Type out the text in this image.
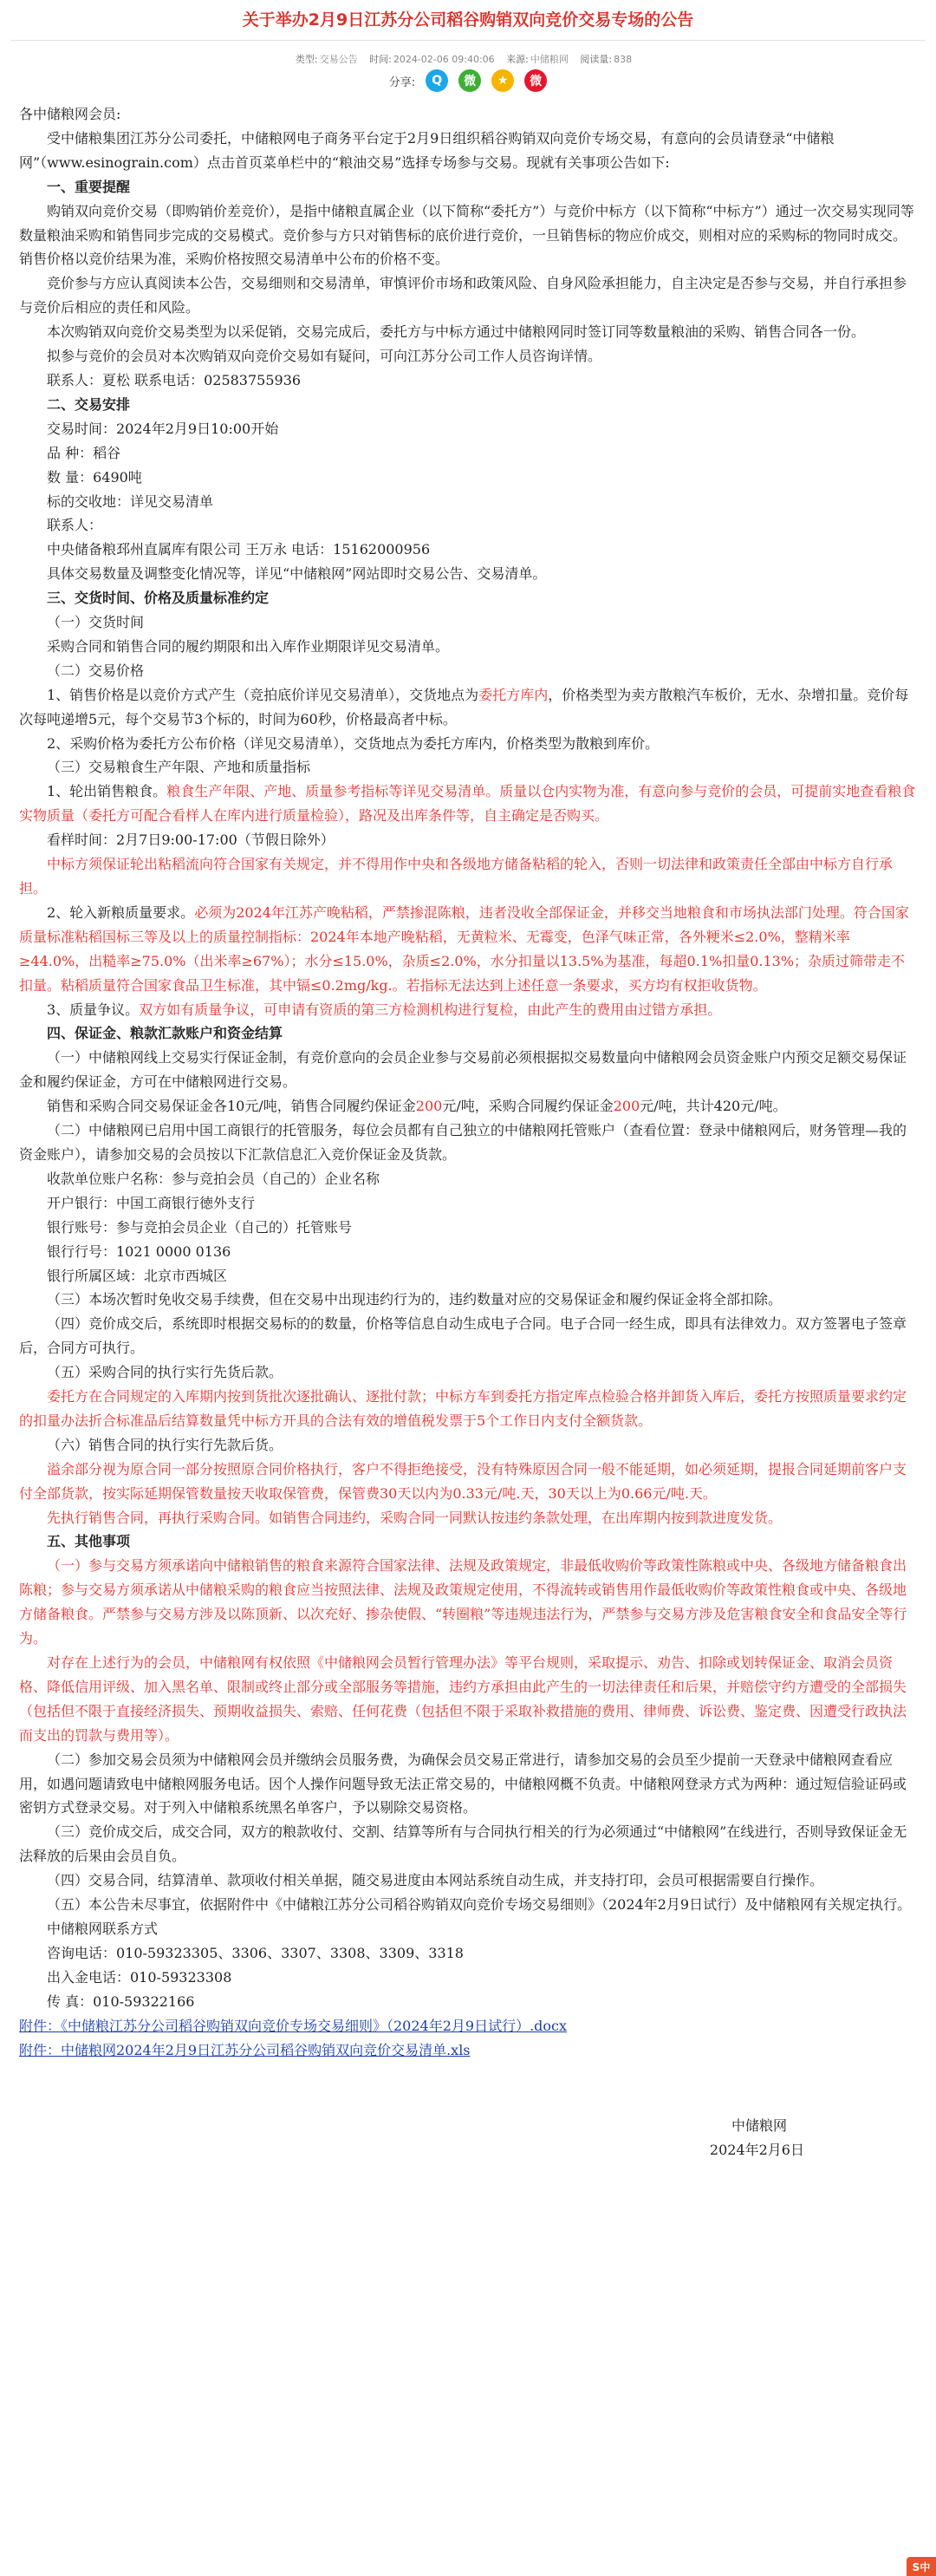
关于举办2月9日江苏分公司稻谷购销双向竞价交易专场的公告
类型: 交易公告 时间: 2024-02-06 09:40:06 来源: 中储粮网 阅读量: 838
分享:	Q	微	★	微

各中储粮网会员:

受中储粮集团江苏分公司委托，中储粮网电子商务平台定于2月9日组织稻谷购销双向竞价专场交易，有意向的会员请登录“中储粮网”（www.esinograin.com）点击首页菜单栏中的“粮油交易”选择专场参与交易。现就有关事项公告如下:

一、重要提醒

购销双向竞价交易（即购销价差竞价），是指中储粮直属企业（以下简称“委托方”）与竞价中标方（以下简称“中标方”）通过一次交易实现同等数量粮油采购和销售同步完成的交易模式。竞价参与方只对销售标的底价进行竞价，一旦销售标的物应价成交，则相对应的采购标的物同时成交。销售价格以竞价结果为准，采购价格按照交易清单中公布的价格不变。

竞价参与方应认真阅读本公告，交易细则和交易清单，审慎评价市场和政策风险、自身风险承担能力，自主决定是否参与交易，并自行承担参与竞价后相应的责任和风险。

本次购销双向竞价交易类型为以采促销，交易完成后，委托方与中标方通过中储粮网同时签订同等数量粮油的采购、销售合同各一份。

拟参与竞价的会员对本次购销双向竞价交易如有疑问，可向江苏分公司工作人员咨询详情。

联系人：夏松 联系电话：02583755936

二、交易安排

交易时间：2024年2月9日10:00开始

品 种：稻谷

数 量：6490吨

标的交收地：详见交易清单

联系人：

中央储备粮邳州直属库有限公司 王万永 电话：15162000956

具体交易数量及调整变化情况等，详见“中储粮网”网站即时交易公告、交易清单。

三、交货时间、价格及质量标准约定

（一）交货时间

采购合同和销售合同的履约期限和出入库作业期限详见交易清单。

（二）交易价格

1、销售价格是以竞价方式产生（竞拍底价详见交易清单），交货地点为委托方库内，价格类型为卖方散粮汽车板价，无水、杂增扣量。竞价每次每吨递增5元，每个交易节3个标的，时间为60秒，价格最高者中标。

2、采购价格为委托方公布价格（详见交易清单），交货地点为委托方库内，价格类型为散粮到库价。

（三）交易粮食生产年限、产地和质量指标

1、轮出销售粮食。粮食生产年限、产地、质量参考指标等详见交易清单。质量以仓内实物为准，有意向参与竞价的会员，可提前实地查看粮食实物质量（委托方可配合看样人在库内进行质量检验），路况及出库条件等，自主确定是否购买。

看样时间：2月7日9:00-17:00（节假日除外）

中标方须保证轮出粘稻流向符合国家有关规定，并不得用作中央和各级地方储备粘稻的轮入，否则一切法律和政策责任全部由中标方自行承担。

2、轮入新粮质量要求。必须为2024年江苏产晚粘稻，严禁掺混陈粮，违者没收全部保证金，并移交当地粮食和市场执法部门处理。符合国家质量标准粘稻国标三等及以上的质量控制指标：2024年本地产晚粘稻，无黄粒米、无霉变，色泽气味正常，各外粳米≤2.0%，整精米率≥44.0%，出糙率≥75.0%（出米率≥67%）；水分≤15.0%，杂质≤2.0%，水分扣量以13.5%为基准，每超0.1%扣量0.13%；杂质过筛带走不扣量。粘稻质量符合国家食品卫生标准，其中镉≤0.2mg/kg.。若指标无法达到上述任意一条要求，买方均有权拒收货物。

3、质量争议。双方如有质量争议，可申请有资质的第三方检测机构进行复检，由此产生的费用由过错方承担。

四、保证金、粮款汇款账户和资金结算

（一）中储粮网线上交易实行保证金制，有竞价意向的会员企业参与交易前必须根据拟交易数量向中储粮网会员资金账户内预交足额交易保证金和履约保证金，方可在中储粮网进行交易。

销售和采购合同交易保证金各10元/吨，销售合同履约保证金200元/吨，采购合同履约保证金200元/吨，共计420元/吨。

（二）中储粮网已启用中国工商银行的托管服务，每位会员都有自己独立的中储粮网托管账户（查看位置：登录中储粮网后，财务管理—我的资金账户），请参加交易的会员按以下汇款信息汇入竞价保证金及货款。

收款单位账户名称：参与竞拍会员（自己的）企业名称

开户银行：中国工商银行徳外支行

银行账号：参与竞拍会员企业（自己的）托管账号

银行行号：1021 0000 0136

银行所属区域：北京市西城区

（三）本场次暂时免收交易手续费，但在交易中出现违约行为的，违约数量对应的交易保证金和履约保证金将全部扣除。

（四）竞价成交后，系统即时根据交易标的的数量，价格等信息自动生成电子合同。电子合同一经生成，即具有法律效力。双方签署电子签章后，合同方可执行。

（五）采购合同的执行实行先货后款。

委托方在合同规定的入库期内按到货批次逐批确认、逐批付款；中标方车到委托方指定库点检验合格并卸货入库后，委托方按照质量要求约定的扣量办法折合标准品后结算数量凭中标方开具的合法有效的增值税发票于5个工作日内支付全额货款。

（六）销售合同的执行实行先款后货。

溢余部分视为原合同一部分按照原合同价格执行，客户不得拒绝接受，没有特殊原因合同一般不能延期，如必须延期，提报合同延期前客户支付全部货款，按实际延期保管数量按天收取保管费，保管费30天以内为0.33元/吨.天，30天以上为0.66元/吨.天。

先执行销售合同，再执行采购合同。如销售合同违约，采购合同一同默认按违约条款处理，在出库期内按到款进度发货。

五、其他事项

（一）参与交易方须承诺向中储粮销售的粮食来源符合国家法律、法规及政策规定，非最低收购价等政策性陈粮或中央、各级地方储备粮食出陈粮；参与交易方须承诺从中储粮采购的粮食应当按照法律、法规及政策规定使用，不得流转或销售用作最低收购价等政策性粮食或中央、各级地方储备粮食。严禁参与交易方涉及以陈顶新、以次充好、掺杂使假、“转圈粮”等违规违法行为，严禁参与交易方涉及危害粮食安全和食品安全等行为。

对存在上述行为的会员，中储粮网有权依照《中储粮网会员暂行管理办法》等平台规则，采取提示、劝告、扣除或划转保证金、取消会员资格、降低信用评级、加入黑名单、限制或终止部分或全部服务等措施，违约方承担由此产生的一切法律责任和后果，并赔偿守约方遭受的全部损失（包括但不限于直接经济损失、预期收益损失、索赔、任何花费（包括但不限于采取补救措施的费用、律师费、诉讼费、鉴定费、因遭受行政执法而支出的罚款与费用等）。

（二）参加交易会员须为中储粮网会员并缴纳会员服务费，为确保会员交易正常进行，请参加交易的会员至少提前一天登录中储粮网查看应用，如遇问题请致电中储粮网服务电话。因个人操作问题导致无法正常交易的，中储粮网概不负责。中储粮网登录方式为两种：通过短信验证码或密钥方式登录交易。对于列入中储粮系统黑名单客户，予以剔除交易资格。

（三）竞价成交后，成交合同，双方的粮款收付、交割、结算等所有与合同执行相关的行为必须通过“中储粮网”在线进行，否则导致保证金无法释放的后果由会员自负。

（四）交易合同，结算清单、款项收付相关单据，随交易进度由本网站系统自动生成，并支持打印，会员可根据需要自行操作。

（五）本公告未尽事宜，依据附件中《中储粮江苏分公司稻谷购销双向竞价专场交易细则》（2024年2月9日试行）及中储粮网有关规定执行。

中储粮网联系方式

咨询电话：010-59323305、3306、3307、3308、3309、3318

出入金电话：010-59323308

传 真：010-59322166

附件：《中储粮江苏分公司稻谷购销双向竞价专场交易细则》（2024年2月9日试行）.docx

附件：中储粮网2024年2月9日江苏分公司稻谷购销双向竞价交易清单.xls

中储粮网

2024年2月6日

S中
